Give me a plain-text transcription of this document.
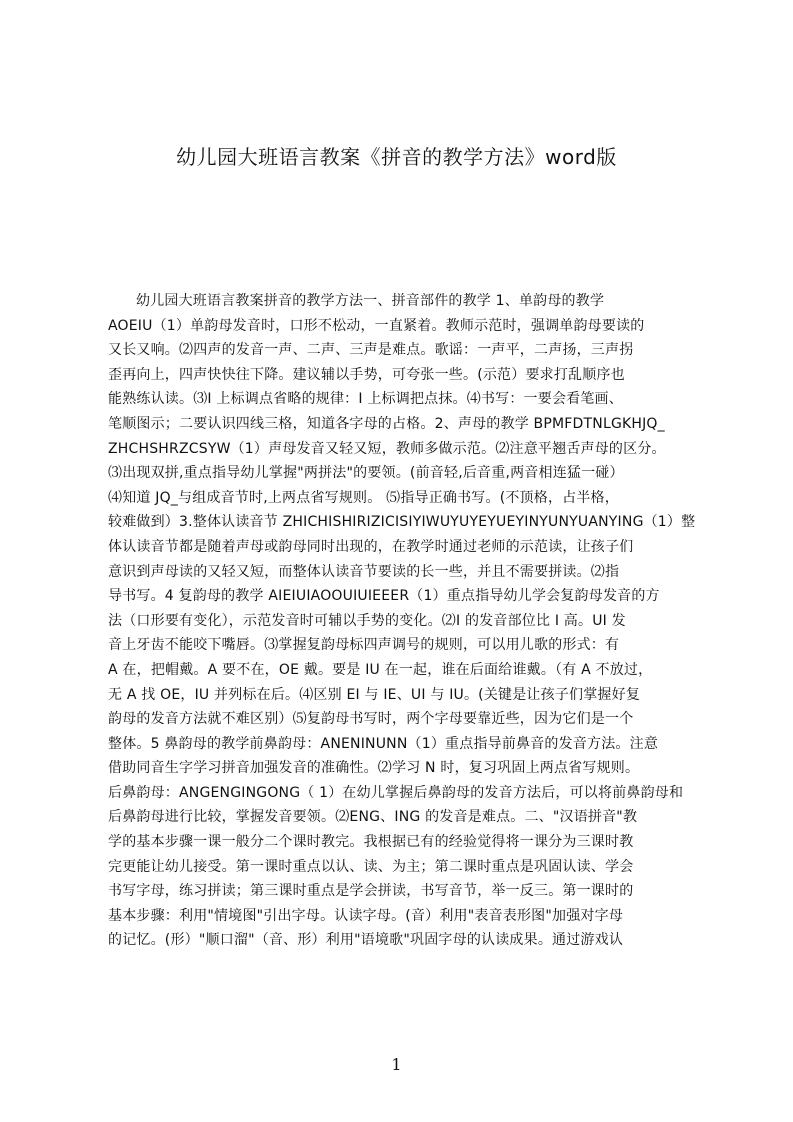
幼儿园大班语言教案《拼音的教学方法》word版
幼儿园大班语言教案拼音的教学方法一、拼音部件的教学 1、单韵母的教学
AOEIU（1）单韵母发音时，口形不松动，一直紧着。教师示范时，强调单韵母要读的
又长又响。⑵四声的发音一声、二声、三声是难点。歌谣：一声平，二声扬，三声拐
歪再向上，四声快快往下降。建议辅以手势，可夸张一些。(示范）要求打乱顺序也
能熟练认读。⑶I 上标调点省略的规律：I 上标调把点抹。⑷书写：一要会看笔画、
笔顺图示；二要认识四线三格，知道各字母的占格。2、声母的教学 BPMFDTNLGKHJQ_
ZHCHSHRZCSYW（1）声母发音又轻又短，教师多做示范。⑵注意平翘舌声母的区分。
⑶出现双拼,重点指导幼儿掌握"两拼法"的要领。(前音轻,后音重,两音相连猛一碰）
⑷知道 JQ_与组成音节时,上两点省写规则。 ⑸指导正确书写。(不顶格，占半格，
较难做到）3.整体认读音节 ZHICHISHIRIZICISIYIWUYUYEYUEYINYUNYUANYING（1）整
体认读音节都是随着声母或韵母同时出现的，在教学时通过老师的示范读，让孩子们
意识到声母读的又轻又短，而整体认读音节要读的长一些，并且不需要拼读。⑵指
导书写。4 复韵母的教学 AIEIUIAOOUIUIEEER（1）重点指导幼儿学会复韵母发音的方
法（口形要有变化），示范发音时可辅以手势的变化。⑵I 的发音部位比 I 高。UI 发
音上牙齿不能咬下嘴唇。⑶掌握复韵母标四声调号的规则，可以用儿歌的形式：有
A 在，把帽戴。A 要不在，OE 戴。要是 IU 在一起，谁在后面给谁戴。（有 A 不放过，
无 A 找 OE，IU 并列标在后。⑷区别 EI 与 IE、UI 与 IU。(关键是让孩子们掌握好复
韵母的发音方法就不难区别）⑸复韵母书写时，两个字母要靠近些，因为它们是一个
整体。5 鼻韵母的教学前鼻韵母：ANENINUNN（1）重点指导前鼻音的发音方法。注意
借助同音生字学习拼音加强发音的准确性。⑵学习 N 时，复习巩固上两点省写规则。
后鼻韵母：ANGENGINGONG（ 1）在幼儿掌握后鼻韵母的发音方法后，可以将前鼻韵母和
后鼻韵母进行比较，掌握发音要领。⑵ENG、ING 的发音是难点。二、"汉语拼音"教
学的基本步骤一课一般分二个课时教完。我根据已有的经验觉得将一课分为三课时教
完更能让幼儿接受。第一课时重点以认、读、为主；第二课时重点是巩固认读、学会
书写字母，练习拼读；第三课时重点是学会拼读，书写音节，举一反三。第一课时的
基本步骤：利用"情境图"引出字母。认读字母。(音）利用"表音表形图"加强对字母
的记忆。(形）"顺口溜"（音、形）利用"语境歌"巩固字母的认读成果。通过游戏认
1
